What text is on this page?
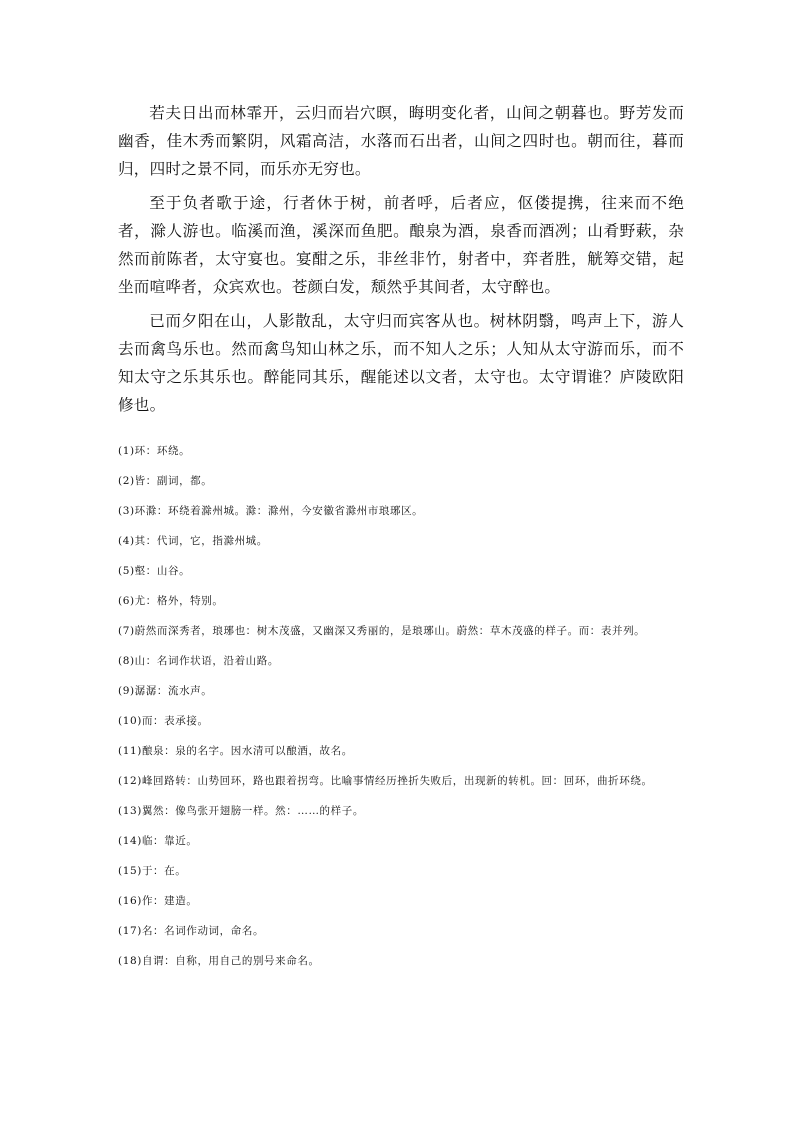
若夫日出而林霏开，云归而岩穴暝，晦明变化者，山间之朝暮也。野芳发而幽香，佳木秀而繁阴，风霜高洁，水落而石出者，山间之四时也。朝而往，暮而归，四时之景不同，而乐亦无穷也。

至于负者歌于途，行者休于树，前者呼，后者应，伛偻提携，往来而不绝者，滁人游也。临溪而渔，溪深而鱼肥。酿泉为酒，泉香而酒冽；山肴野蔌，杂然而前陈者，太守宴也。宴酣之乐，非丝非竹，射者中，弈者胜，觥筹交错，起坐而喧哗者，众宾欢也。苍颜白发，颓然乎其间者，太守醉也。

已而夕阳在山，人影散乱，太守归而宾客从也。树林阴翳，鸣声上下，游人去而禽鸟乐也。然而禽鸟知山林之乐，而不知人之乐；人知从太守游而乐，而不知太守之乐其乐也。醉能同其乐，醒能述以文者，太守也。太守谓谁？庐陵欧阳修也。

(1)环：环绕。
(2)皆：副词，都。
(3)环滁：环绕着滁州城。滁：滁州，今安徽省滁州市琅琊区。
(4)其：代词，它，指滁州城。
(5)壑：山谷。
(6)尤：格外，特别。
(7)蔚然而深秀者，琅琊也：树木茂盛，又幽深又秀丽的，是琅琊山。蔚然：草木茂盛的样子。而：表并列。
(8)山：名词作状语，沿着山路。
(9)潺潺：流水声。
(10)而：表承接。
(11)酿泉：泉的名字。因水清可以酿酒，故名。
(12)峰回路转：山势回环，路也跟着拐弯。比喻事情经历挫折失败后，出现新的转机。回：回环，曲折环绕。
(13)翼然：像鸟张开翅膀一样。然：……的样子。
(14)临：靠近。
(15)于：在。
(16)作：建造。
(17)名：名词作动词，命名。
(18)自谓：自称，用自己的别号来命名。
